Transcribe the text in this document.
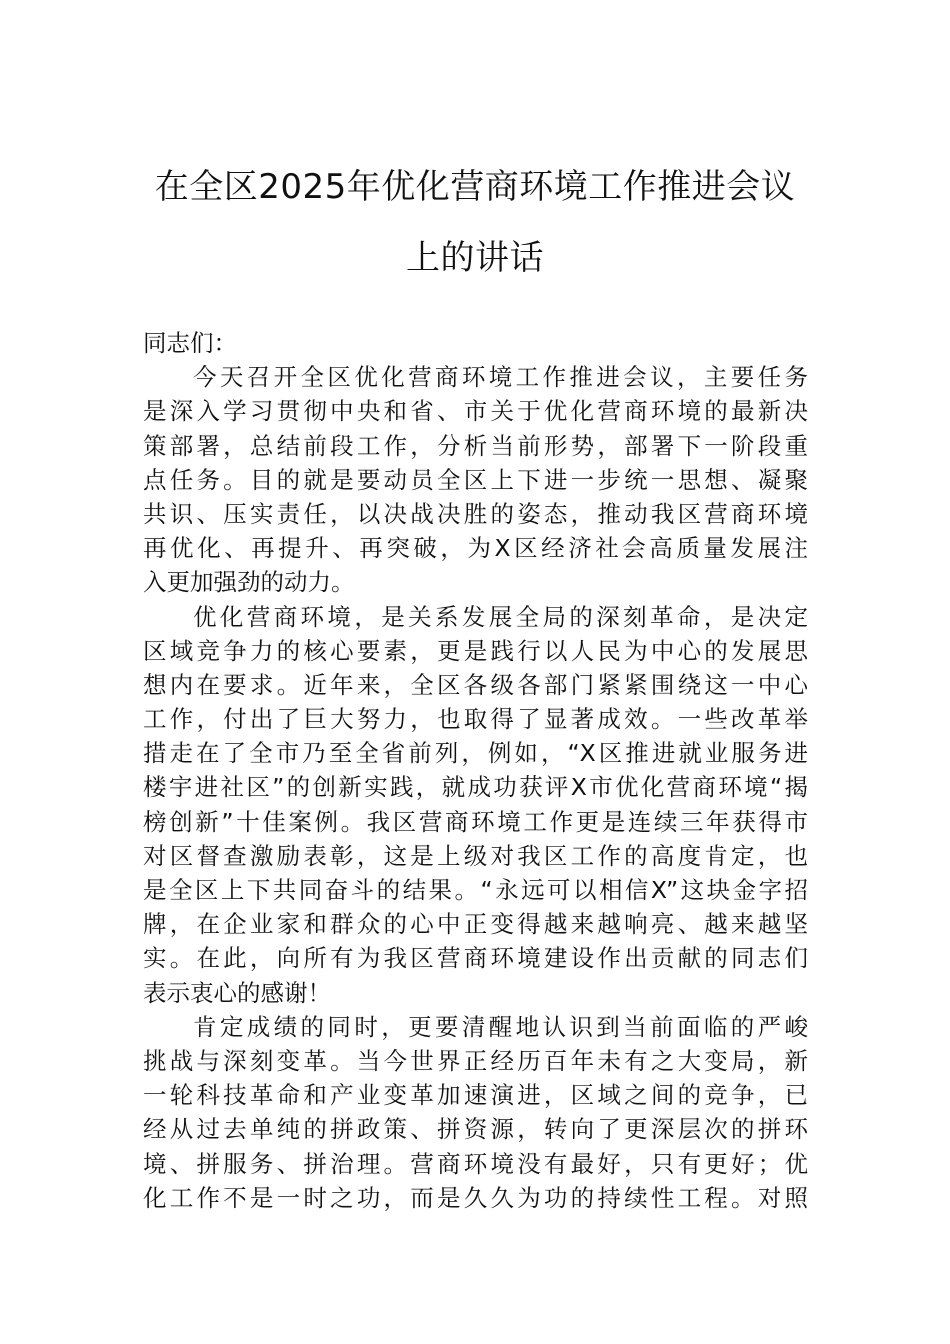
在全区2025年优化营商环境工作推进会议
上的讲话
同志们：
今天召开全区优化营商环境工作推进会议，主要任务
是深入学习贯彻中央和省、市关于优化营商环境的最新决
策部署，总结前段工作，分析当前形势，部署下一阶段重
点任务。目的就是要动员全区上下进一步统一思想、凝聚
共识、压实责任，以决战决胜的姿态，推动我区营商环境
再优化、再提升、再突破，为X区经济社会高质量发展注
入更加强劲的动力。
优化营商环境，是关系发展全局的深刻革命，是决定
区域竞争力的核心要素，更是践行以人民为中心的发展思
想内在要求。近年来，全区各级各部门紧紧围绕这一中心
工作，付出了巨大努力，也取得了显著成效。一些改革举
措走在了全市乃至全省前列，例如，“X区推进就业服务进
楼宇进社区”的创新实践，就成功获评X市优化营商环境“揭
榜创新”十佳案例。我区营商环境工作更是连续三年获得市
对区督查激励表彰，这是上级对我区工作的高度肯定，也
是全区上下共同奋斗的结果。“永远可以相信X”这块金字招
牌，在企业家和群众的心中正变得越来越响亮、越来越坚
实。在此，向所有为我区营商环境建设作出贡献的同志们
表示衷心的感谢！
肯定成绩的同时，更要清醒地认识到当前面临的严峻
挑战与深刻变革。当今世界正经历百年未有之大变局，新
一轮科技革命和产业变革加速演进，区域之间的竞争，已
经从过去单纯的拼政策、拼资源，转向了更深层次的拼环
境、拼服务、拼治理。营商环境没有最好，只有更好；优
化工作不是一时之功，而是久久为功的持续性工程。对照
